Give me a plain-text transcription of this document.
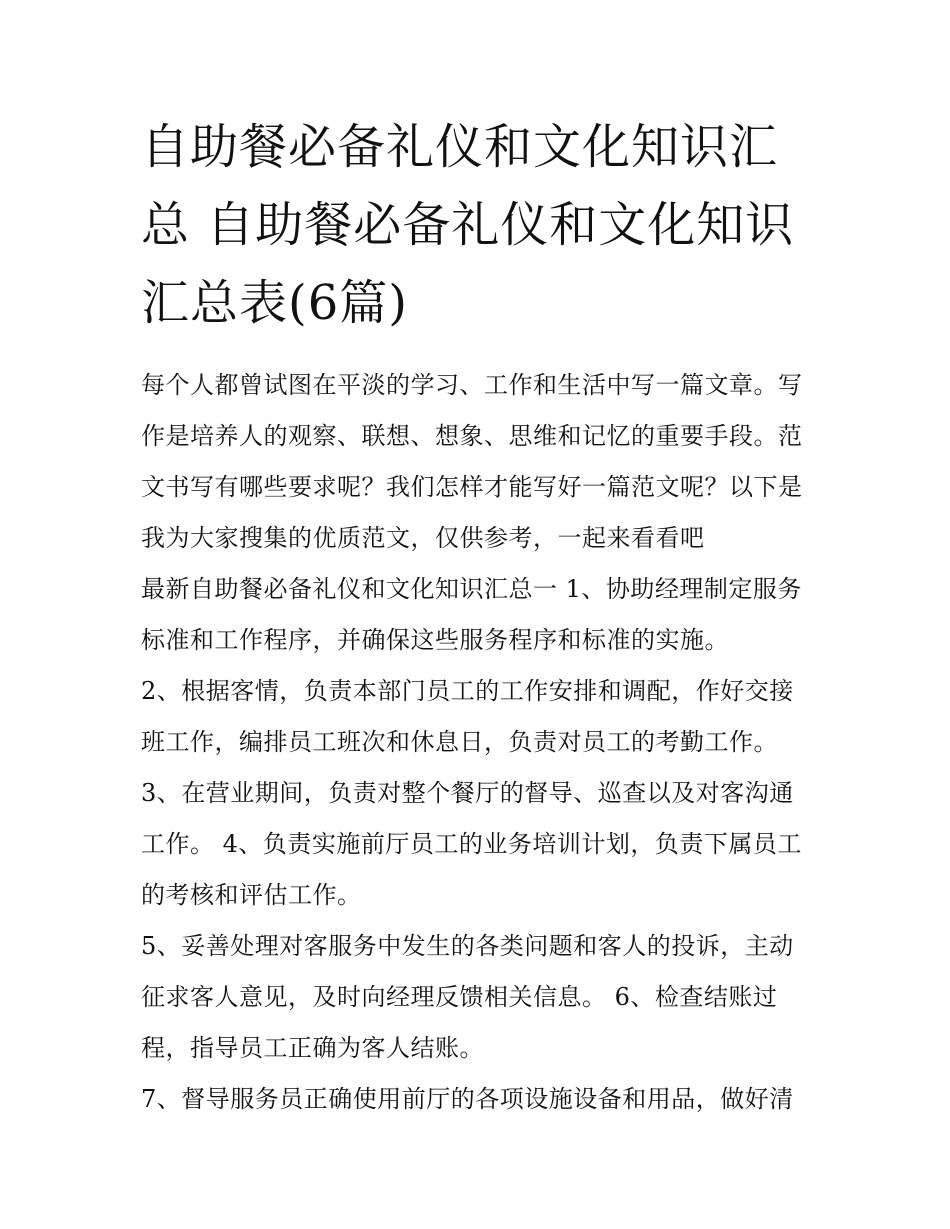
自助餐必备礼仪和文化知识汇总 自助餐必备礼仪和文化知识汇总表(6篇)

每个人都曾试图在平淡的学习、工作和生活中写一篇文章。写作是培养人的观察、联想、想象、思维和记忆的重要手段。范文书写有哪些要求呢？我们怎样才能写好一篇范文呢？以下是我为大家搜集的优质范文，仅供参考，一起来看看吧

最新自助餐必备礼仪和文化知识汇总一 1、协助经理制定服务标准和工作程序，并确保这些服务程序和标准的实施。

2、根据客情，负责本部门员工的工作安排和调配，作好交接班工作，编排员工班次和休息日，负责对员工的考勤工作。

3、在营业期间，负责对整个餐厅的督导、巡查以及对客沟通工作。 4、负责实施前厅员工的业务培训计划，负责下属员工的考核和评估工作。

5、妥善处理对客服务中发生的各类问题和客人的投诉，主动征求客人意见，及时向经理反馈相关信息。 6、检查结账过程，指导员工正确为客人结账。

7、督导服务员正确使用前厅的各项设施设备和用品，做好清
